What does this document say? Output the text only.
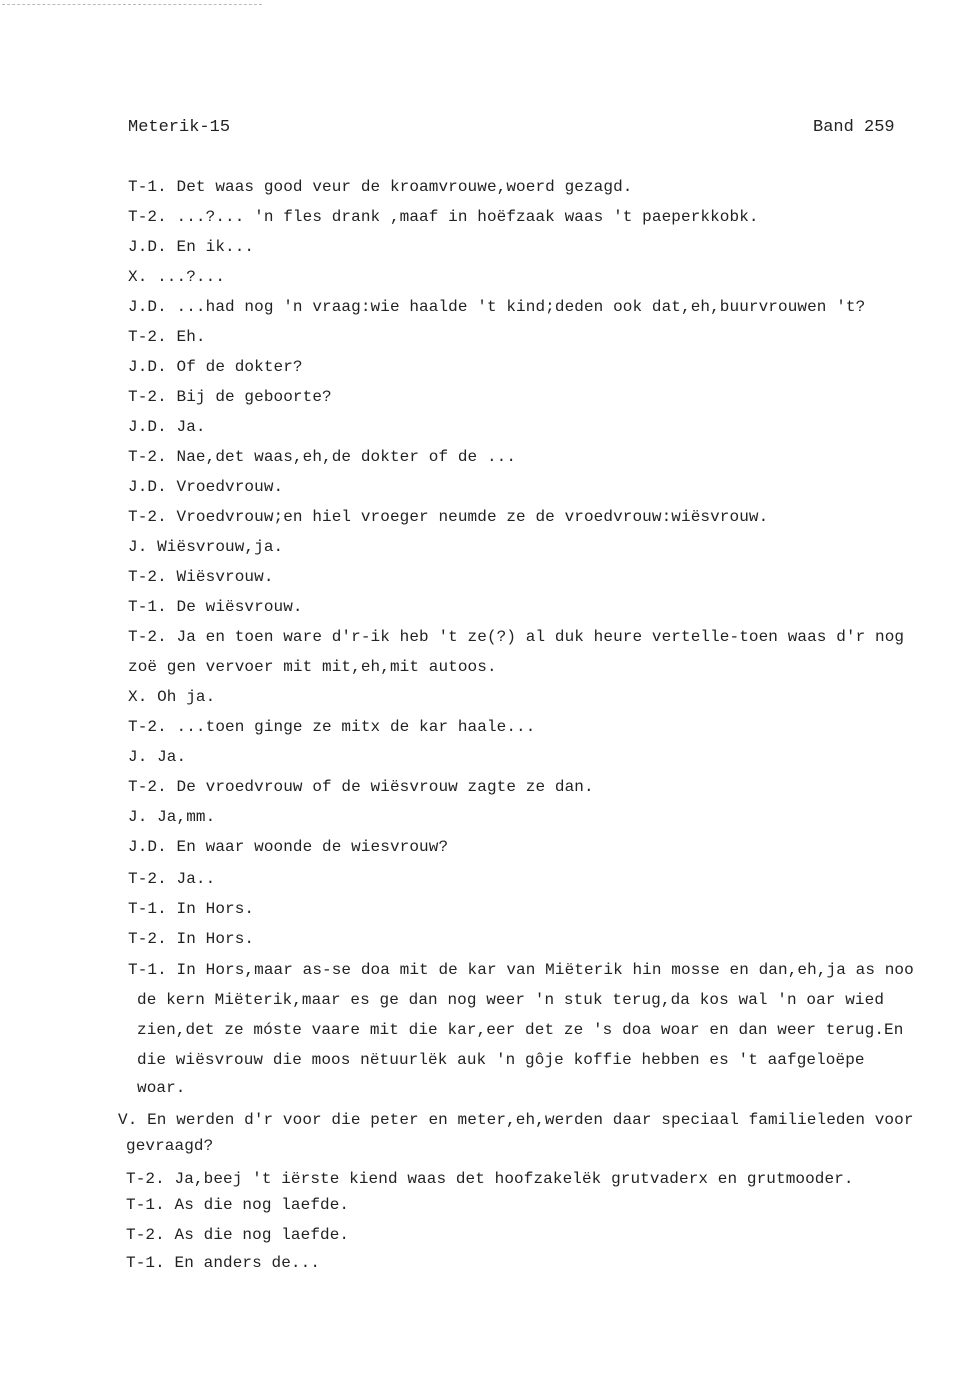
Meterik-15	Band 259
T-1. Det waas good veur de kroamvrouwe,woerd gezagd.
T-2. ...?... 'n fles drank ,maaf in hoëfzaak waas 't paeperkkobk.
J.D. En ik...
X. ...?...
J.D. ...had nog 'n vraag:wie haalde 't kind;deden ook dat,eh,buurvrouwen 't?
T-2. Eh.
J.D. Of de dokter?
T-2. Bij de geboorte?
J.D. Ja.
T-2. Nae,det waas,eh,de dokter of de ...
J.D. Vroedvrouw.
T-2. Vroedvrouw;en hiel vroeger neumde ze de vroedvrouw:wiësvrouw.
J. Wiësvrouw,ja.
T-2. Wiësvrouw.
T-1. De wiësvrouw.
T-2. Ja en toen ware d'r-ik heb 't ze(?) al duk heure vertelle-toen waas d'r nog
zoë gen vervoer mit mit,eh,mit autoos.
X. Oh ja.
T-2. ...toen ginge ze mitx de kar haale...
J. Ja.
T-2. De vroedvrouw of de wiësvrouw zagte ze dan.
J. Ja,mm.
J.D. En waar woonde de wiesvrouw?
T-2. Ja..
T-1. In Hors.
T-2. In Hors.
T-1. In Hors,maar as-se doa mit de kar van Miëterik hin mosse en dan,eh,ja as noo
de kern Miëterik,maar es ge dan nog weer 'n stuk terug,da kos wal 'n oar wied
zien,det ze móste vaare mit die kar,eer det ze 's doa woar en dan weer terug.En
die wiësvrouw die moos nëtuurlëk auk 'n gôje koffie hebben es 't aafgeloëpe
woar.
V. En werden d'r voor die peter en meter,eh,werden daar speciaal familieleden voor
gevraagd?
T-2. Ja,beej 't iërste kiend waas det hoofzakelëk grutvaderx en grutmooder.
T-1. As die nog laefde.
T-2. As die nog laefde.
T-1. En anders de...
